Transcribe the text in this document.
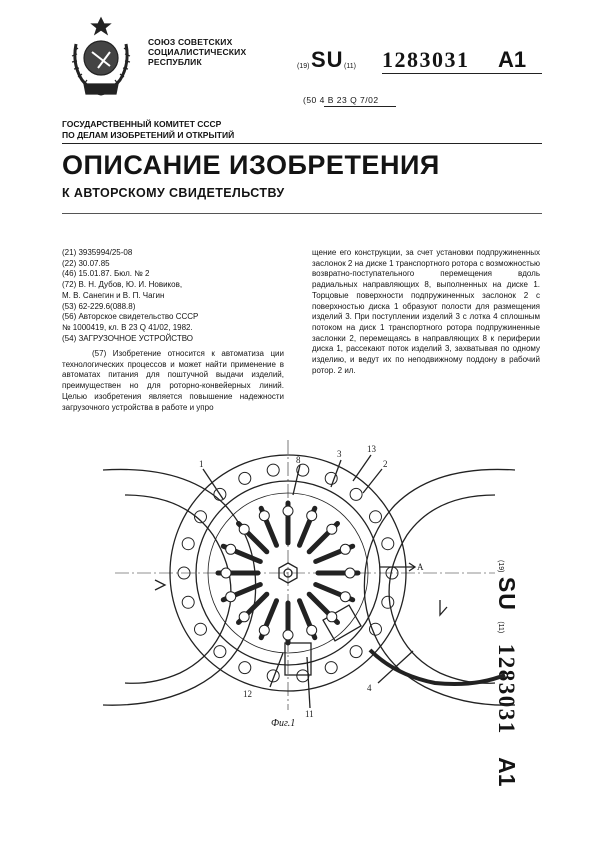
СОЮЗ СОВЕТСКИХ
СОЦИАЛИСТИЧЕСКИХ
РЕСПУБЛИК	(19) SU (11) 1283031 A1
(50 4 B 23 Q 7/02
ГОСУДАРСТВЕННЫЙ КОМИТЕТ СССР
ПО ДЕЛАМ ИЗОБРЕТЕНИЙ И ОТКРЫТИЙ
ОПИСАНИЕ ИЗОБРЕТЕНИЯ
К АВТОРСКОМУ СВИДЕТЕЛЬСТВУ
(21) 3935994/25-08
(22) 30.07.85
(46) 15.01.87. Бюл. № 2
(72) В. Н. Дубов, Ю. И. Новиков,
М. В. Санегин и В. П. Чагин
(53) 62-229.6(088.8)
(56) Авторское свидетельство СССР
№ 1000419, кл. В 23 Q 41/02, 1982.
(54) ЗАГРУЗОЧНОЕ УСТРОЙСТВО

(57) Изобретение относится к автоматиза ции технологических процессов и может найти применение в автоматах питания для поштучной выдачи изделий, преимуществен но для роторно-конвейерных линий. Целью изобретения является повышение надежности загрузочного устройства в работе и упро

щение его конструкции, за счет установки подпружиненных заслонок 2 на диске 1 транспортного ротора с возможностью возвратно-поступательного перемещения вдоль радиальных направляющих 8, выполненных на диске 1. Торцовые поверхности подпружиненных заслонок 2 с поверхностью диска 1 образуют полости для размещения изделий 3. При поступлении изделий 3 с лотка 4 сплошным потоком на диск 1 транспортного ротора подпружиненные заслонки 2, перемещаясь в направляющих 8 к периферии диска 1, рассекают поток изделий 3, захватывая по одному изделию, и ведут их по неподвижному поддону в рабочий ротор. 2 ил.

(19) SU (11) 1283031 A1
1	8
3	13
2
12
11
4
A
Фиг.1
